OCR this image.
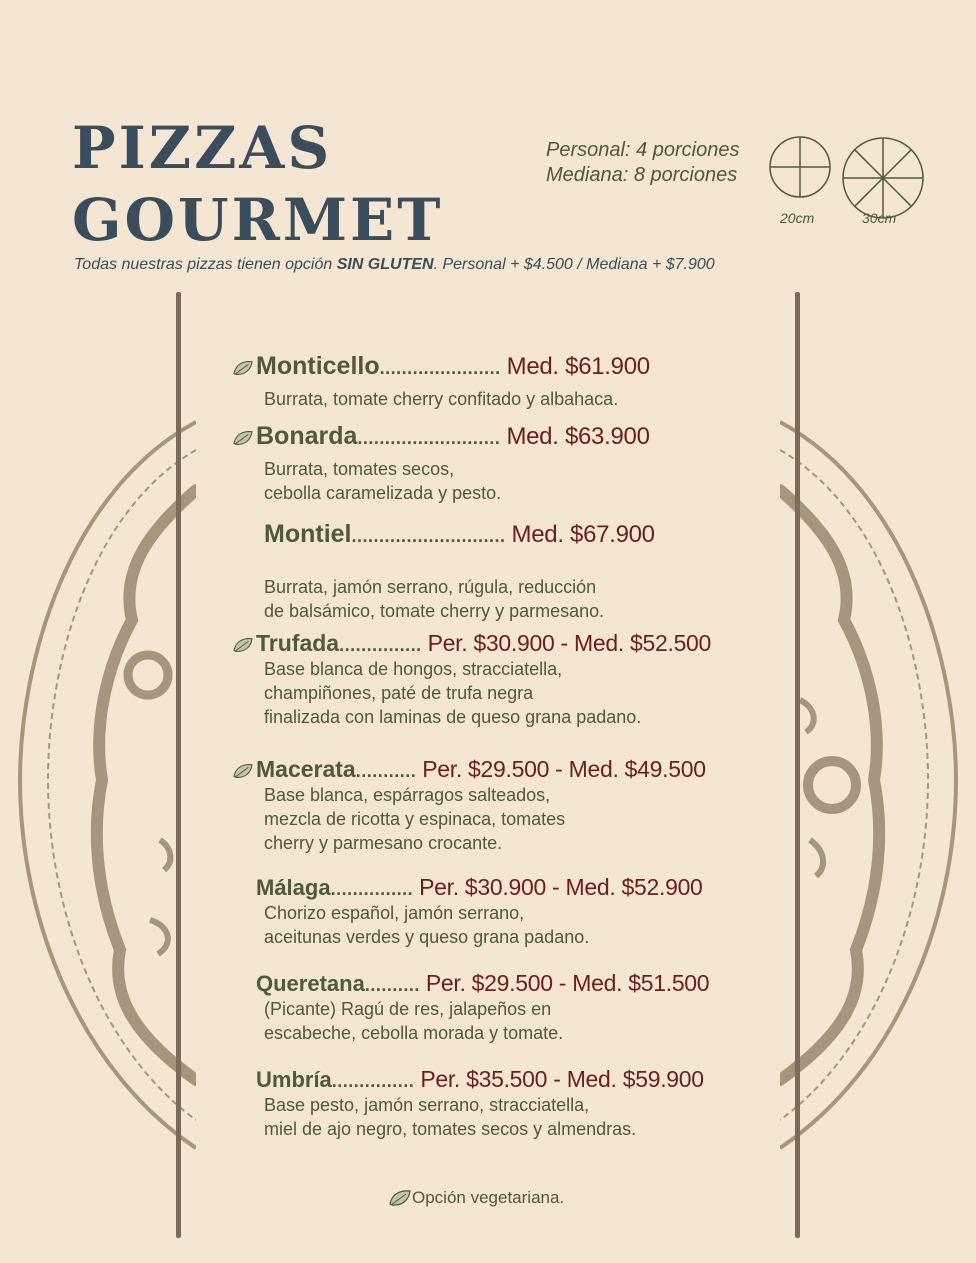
PIZZAS
GOURMET
Personal: 4 porciones
Mediana: 8 porciones
20cm	30cm
Todas nuestras pizzas tienen opción SIN GLUTEN. Personal + $4.500 / Mediana + $7.900
Monticello ...................... Med. $61.900
Burrata, tomate cherry confitado y albahaca.
Bonarda .......................... Med. $63.900
Burrata, tomates secos,
cebolla caramelizada y pesto.
Montiel ............................ Med. $67.900
Burrata, jamón serrano, rúgula, reducción
de balsámico, tomate cherry y parmesano.
Trufada ............... Per. $30.900 - Med. $52.500
Base blanca de hongos, stracciatella,
champiñones, paté de trufa negra
finalizada con laminas de queso grana padano.
Macerata ........... Per. $29.500 - Med. $49.500
Base blanca, espárragos salteados,
mezcla de ricotta y espinaca, tomates
cherry y parmesano crocante.
Málaga ............... Per. $30.900 - Med. $52.900
Chorizo español, jamón serrano,
aceitunas verdes y queso grana padano.
Queretana .......... Per. $29.500 - Med. $51.500
(Picante) Ragú de res, jalapeños en
escabeche, cebolla morada y tomate.
Umbría ............... Per. $35.500 - Med. $59.900
Base pesto, jamón serrano, stracciatella,
miel de ajo negro, tomates secos y almendras.
Opción vegetariana.
